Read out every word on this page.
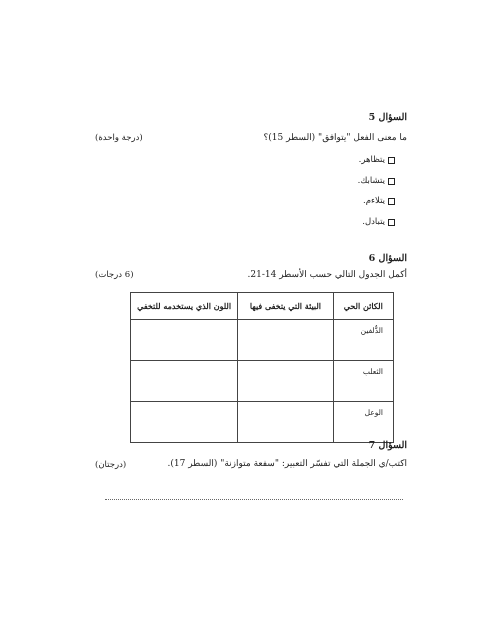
السؤال 5
ما معنى الفعل "يتوافق" (السطر 15)؟
(درجة واحدة)
يتظاهر.
يتشابك.
يتلاءم.
يتبادل.
السؤال 6
أكمل الجدول التالي حسب الأسطر 14-21.
(6 درجات)
الكائن الحي	البيئة التي يتخفى فيها	اللون الذي يستخدمه للتخفي
الدُّلفين		
الثعلب		
الوعل		
السؤال 7
اكتب/ي الجملة التي تفسّر التعبير: "سفعة متوازنة" (السطر 17).
(درجتان)
